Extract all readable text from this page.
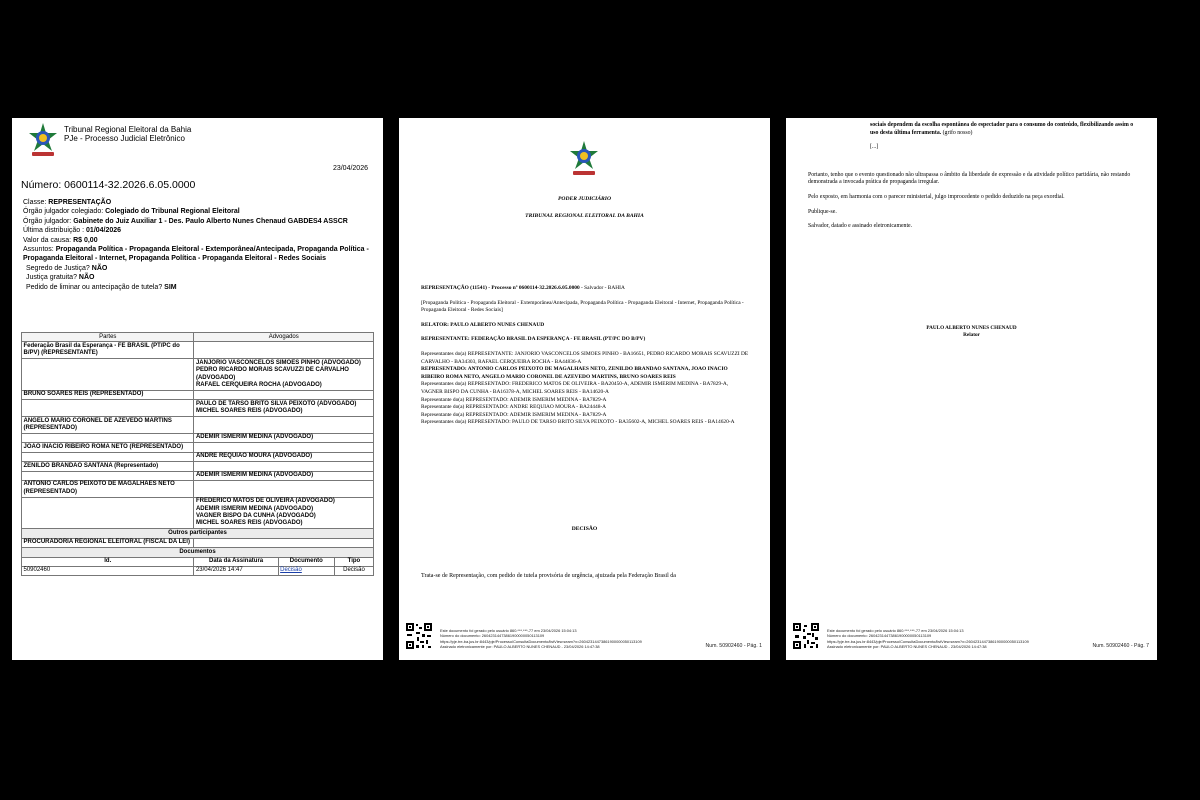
Tribunal Regional Eleitoral da Bahia
PJe - Processo Judicial Eletrônico
23/04/2026
Número: 0600114-32.2026.6.05.0000
Classe: REPRESENTAÇÃO
Órgão julgador colegiado: Colegiado do Tribunal Regional Eleitoral
Órgão julgador: Gabinete do Juiz Auxiliar 1 - Des. Paulo Alberto Nunes Chenaud GABDES4 ASSCR
Última distribuição : 01/04/2026
Valor da causa: R$ 0,00
Assuntos: Propaganda Política - Propaganda Eleitoral - Extemporânea/Antecipada, Propaganda Política - Propaganda Eleitoral - Internet, Propaganda Política - Propaganda Eleitoral - Redes Sociais
Segredo de Justiça? NÃO
Justiça gratuita? NÃO
Pedido de liminar ou antecipação de tutela? SIM
Partes	Advogados		
Federação Brasil da Esperança - FE BRASIL (PT/PC do B/PV) (REPRESENTANTE)			

	JANJORIO VASCONCELOS SIMOES PINHO (ADVOGADO)
PEDRO RICARDO MORAIS SCAVUZZI DE CARVALHO (ADVOGADO)
RAFAEL CERQUEIRA ROCHA (ADVOGADO)		

BRUNO SOARES REIS (REPRESENTADO)			

	PAULO DE TARSO BRITO SILVA PEIXOTO (ADVOGADO)
MICHEL SOARES REIS (ADVOGADO)		

ANGELO MARIO CORONEL DE AZEVEDO MARTINS (REPRESENTADO)			

	ADEMIR ISMERIM MEDINA (ADVOGADO)		

JOAO INACIO RIBEIRO ROMA NETO (REPRESENTADO)			

	ANDRE REQUIAO MOURA (ADVOGADO)		

ZENILDO BRANDAO SANTANA (Representado)			

	ADEMIR ISMERIM MEDINA (ADVOGADO)		

ANTONIO CARLOS PEIXOTO DE MAGALHAES NETO (REPRESENTADO)			

	FREDERICO MATOS DE OLIVEIRA (ADVOGADO)
ADEMIR ISMERIM MEDINA (ADVOGADO)
VAGNER BISPO DA CUNHA (ADVOGADO)
MICHEL SOARES REIS (ADVOGADO)		

Outros participantes			
PROCURADORIA REGIONAL ELEITORAL (FISCAL DA LEI)			
Documentos			
Id.	Data da Assinatura	Documento	Tipo
50902460	23/04/2026 14:47	Decisão	Decisão
PODER JUDICIÁRIO
TRIBUNAL REGIONAL ELEITORAL DA BAHIA

REPRESENTAÇÃO (11541) - Processo nº 0600114-32.2026.6.05.0000 - Salvador - BAHIA

[Propaganda Política - Propaganda Eleitoral - Extemporânea/Antecipada, Propaganda Política - Propaganda Eleitoral - Internet, Propaganda Política - Propaganda Eleitoral - Redes Sociais]

RELATOR: PAULO ALBERTO NUNES CHENAUD

REPRESENTANTE: FEDERAÇÃO BRASIL DA ESPERANÇA - FE BRASIL (PT/PC DO B/PV)

Representantes do(a) REPRESENTANTE: JANJORIO VASCONCELOS SIMOES PINHO - BA16651, PEDRO RICARDO MORAIS SCAVUZZI DE CARVALHO - BA34303, RAFAEL CERQUEIRA ROCHA - BA44836-A

REPRESENTADO: ANTONIO CARLOS PEIXOTO DE MAGALHAES NETO, ZENILDO BRANDAO SANTANA, JOAO INACIO RIBEIRO ROMA NETO, ANGELO MARIO CORONEL DE AZEVEDO MARTINS, BRUNO SOARES REIS

Representantes do(a) REPRESENTADO: FREDERICO MATOS DE OLIVEIRA - BA20450-A, ADEMIR ISMERIM MEDINA - BA7829-A, VAGNER BISPO DA CUNHA - BA16378-A, MICHEL SOARES REIS - BA14620-A
Representante do(a) REPRESENTADO: ADEMIR ISMERIM MEDINA - BA7829-A
Representante do(a) REPRESENTADO: ANDRE REQUIAO MOURA - BA24448-A
Representante do(a) REPRESENTADO: ADEMIR ISMERIM MEDINA - BA7829-A
Representantes do(a) REPRESENTADO: PAULO DE TARSO BRITO SILVA PEIXOTO - BA35602-A, MICHEL SOARES REIS - BA14620-A
DECISÃO
Trata-se de Representação, com pedido de tutela provisória de urgência, ajuizada pela Federação Brasil da
Este documento foi gerado pelo usuário 860.***.***-77 em 23/04/2026 15:04:13
Número do documento: 26042314473861900000050113109
https://pje.tre-ba.jus.br:8443/pje/Processo/ConsultaDocumento/listView.seam?x=26042314473861900000050113109
Assinado eletronicamente por: PAULO ALBERTO NUNES CHENAUD - 23/04/2026 14:47:38	Num. 50902460 - Pág. 1

sociais dependem da escolha espontânea do espectador para o consumo do conteúdo, flexibilizando assim o uso desta última ferramenta. (grifo nosso)

[...]

Portanto, tenho que o evento questionado não ultrapassa o âmbito da liberdade de expressão e da atividade político partidária, não restando demonstrada a invocada prática de propaganda irregular.

Pelo exposto, em harmonia com o parecer ministerial, julgo improcedente o pedido deduzido na peça exordial.

Publique-se.

Salvador, datado e assinado eletronicamente.

PAULO ALBERTO NUNES CHENAUD
Relator
Este documento foi gerado pelo usuário 860.***.***-77 em 23/04/2026 15:04:13
Número do documento: 26042314473861900000050113109
https://pje.tre-ba.jus.br:8443/pje/Processo/ConsultaDocumento/listView.seam?x=26042314473861900000050113109
Assinado eletronicamente por: PAULO ALBERTO NUNES CHENAUD - 23/04/2026 14:47:38	Num. 50902460 - Pág. 7
